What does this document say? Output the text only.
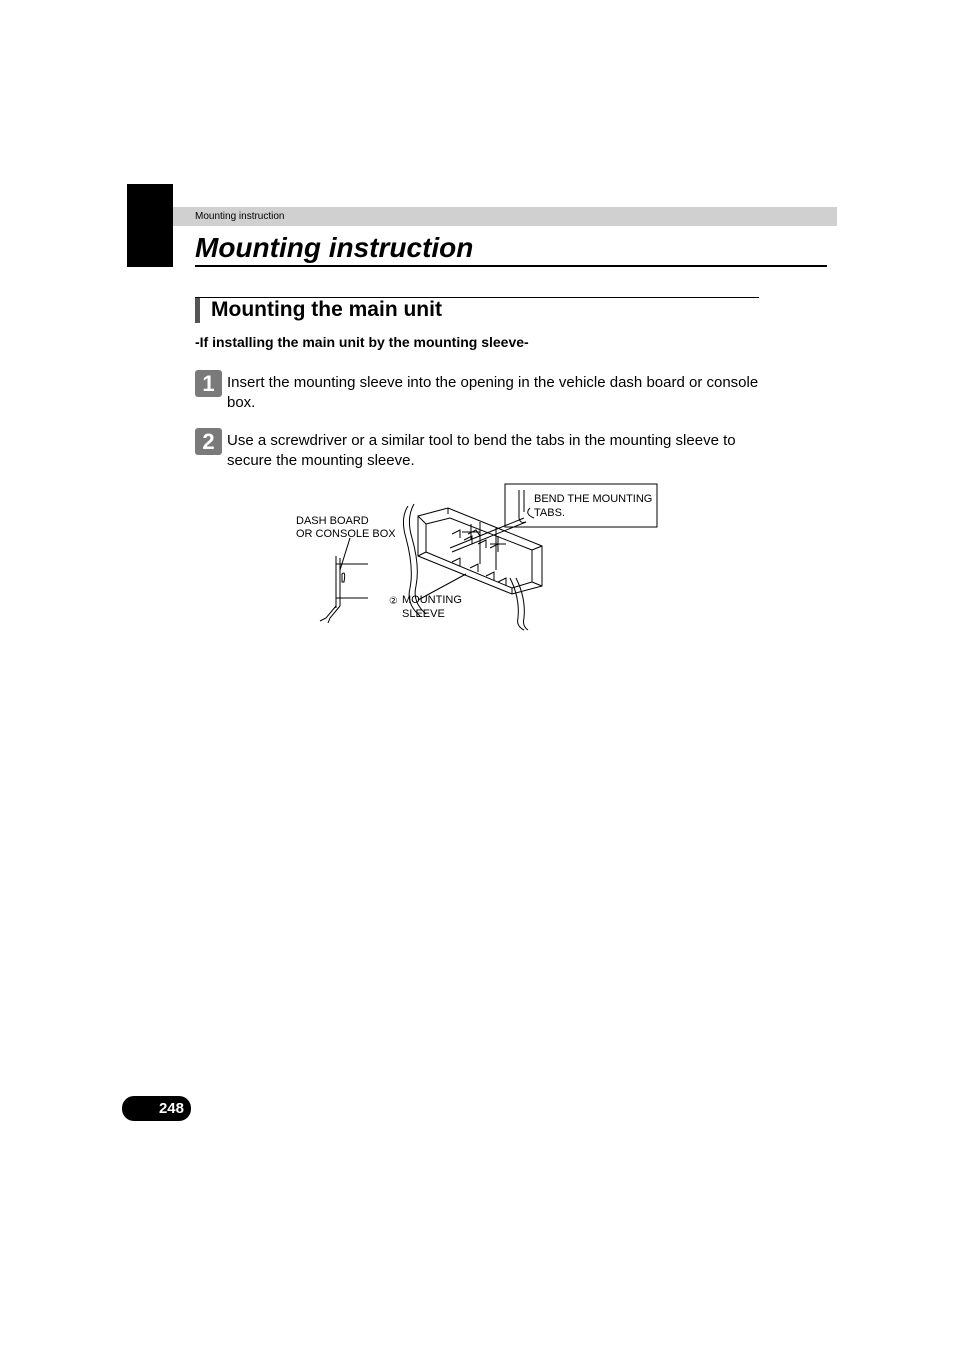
Mounting instruction
Mounting instruction
Mounting the main unit
-If installing the main unit by the mounting sleeve-
1 Insert the mounting sleeve into the opening in the vehicle dash board or console box.
2 Use a screwdriver or a similar tool to bend the tabs in the mounting sleeve to secure the mounting sleeve.
DASH BOARD
OR CONSOLE BOX
BEND THE MOUNTING
TABS.
② MOUNTING
SLEEVE
248
